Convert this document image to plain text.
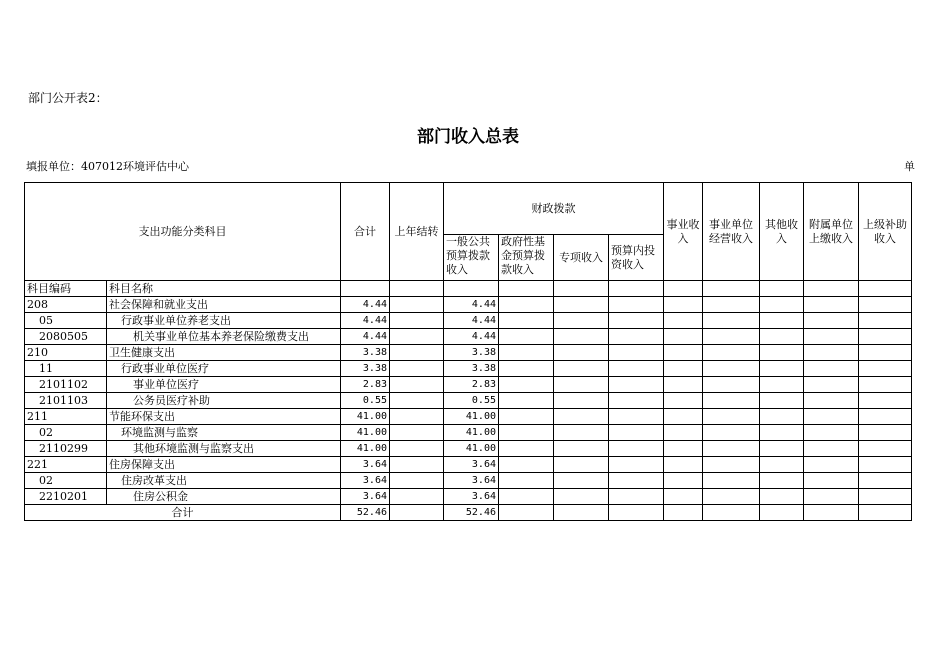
部门公开表2：
部门收入总表
填报单位：407012环境评估中心	单
支出功能分类科目		合计	上年结转	财政拨款				事业收入	事业单位经营收入	其他收入	附属单位上缴收入	上级补助收入
				一般公共预算拨款收入	政府性基金预算拨款收入	专项收入	预算内投资收入					
科目编码	科目名称											
208	社会保障和就业支出	4.44		4.44								
05	行政事业单位养老支出	4.44		4.44								
2080505	机关事业单位基本养老保险缴费支出	4.44		4.44								
210	卫生健康支出	3.38		3.38								
11	行政事业单位医疗	3.38		3.38								
2101102	事业单位医疗	2.83		2.83								
2101103	公务员医疗补助	0.55		0.55								
211	节能环保支出	41.00		41.00								
02	环境监测与监察	41.00		41.00								
2110299	其他环境监测与监察支出	41.00		41.00								
221	住房保障支出	3.64		3.64								
02	住房改革支出	3.64		3.64								
2210201	住房公积金	3.64		3.64								
合计		52.46		52.46								
